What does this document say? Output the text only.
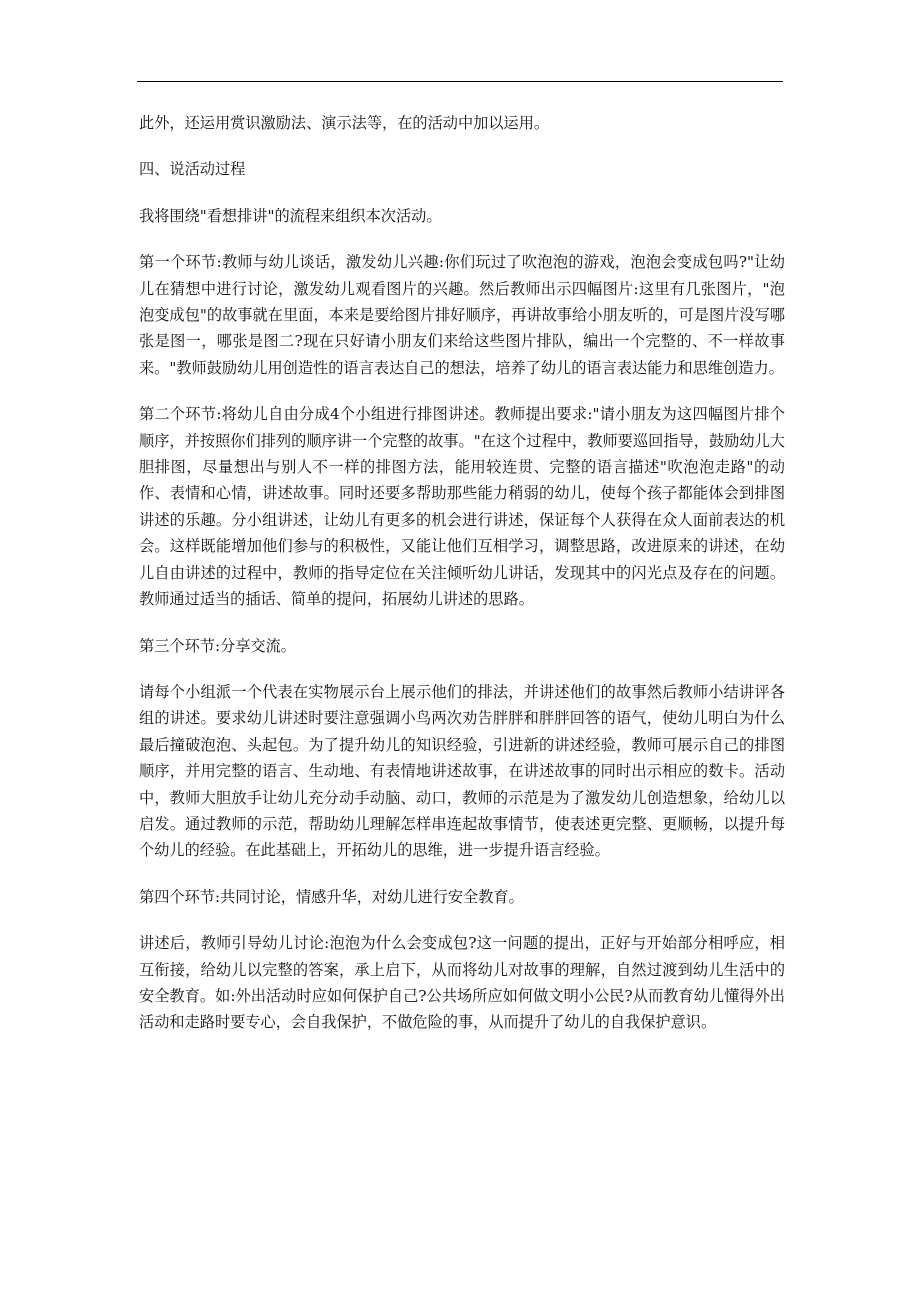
此外，还运用赏识激励法、演示法等，在的活动中加以运用。

四、说活动过程

我将围绕"看想排讲"的流程来组织本次活动。

第一个环节:教师与幼儿谈话，激发幼儿兴趣:你们玩过了吹泡泡的游戏，泡泡会变成包吗?"让幼儿在猜想中进行讨论，激发幼儿观看图片的兴趣。然后教师出示四幅图片:这里有几张图片，"泡泡变成包"的故事就在里面，本来是要给图片排好顺序，再讲故事给小朋友听的，可是图片没写哪张是图一，哪张是图二?现在只好请小朋友们来给这些图片排队，编出一个完整的、不一样故事来。"教师鼓励幼儿用创造性的语言表达自己的想法，培养了幼儿的语言表达能力和思维创造力。

第二个环节:将幼儿自由分成4个小组进行排图讲述。教师提出要求:"请小朋友为这四幅图片排个顺序，并按照你们排列的顺序讲一个完整的故事。"在这个过程中，教师要巡回指导，鼓励幼儿大胆排图，尽量想出与别人不一样的排图方法，能用较连贯、完整的语言描述"吹泡泡走路"的动作、表情和心情，讲述故事。同时还要多帮助那些能力稍弱的幼儿，使每个孩子都能体会到排图讲述的乐趣。分小组讲述，让幼儿有更多的机会进行讲述，保证每个人获得在众人面前表达的机会。这样既能增加他们参与的积极性，又能让他们互相学习，调整思路，改进原来的讲述，在幼儿自由讲述的过程中，教师的指导定位在关注倾听幼儿讲话，发现其中的闪光点及存在的问题。教师通过适当的插话、简单的提问，拓展幼儿讲述的思路。

第三个环节:分享交流。

请每个小组派一个代表在实物展示台上展示他们的排法，并讲述他们的故事然后教师小结讲评各组的讲述。要求幼儿讲述时要注意强调小鸟两次劝告胖胖和胖胖回答的语气，使幼儿明白为什么最后撞破泡泡、头起包。为了提升幼儿的知识经验，引进新的讲述经验，教师可展示自己的排图顺序，并用完整的语言、生动地、有表情地讲述故事，在讲述故事的同时出示相应的数卡。活动中，教师大胆放手让幼儿充分动手动脑、动口，教师的示范是为了激发幼儿创造想象，给幼儿以启发。通过教师的示范，帮助幼儿理解怎样串连起故事情节，使表述更完整、更顺畅，以提升每个幼儿的经验。在此基础上，开拓幼儿的思维，进一步提升语言经验。

第四个环节:共同讨论，情感升华，对幼儿进行安全教育。

讲述后，教师引导幼儿讨论:泡泡为什么会变成包?这一问题的提出，正好与开始部分相呼应，相互衔接，给幼儿以完整的答案，承上启下，从而将幼儿对故事的理解，自然过渡到幼儿生活中的安全教育。如:外出活动时应如何保护自己?公共场所应如何做文明小公民?从而教育幼儿懂得外出活动和走路时要专心，会自我保护，不做危险的事，从而提升了幼儿的自我保护意识。
